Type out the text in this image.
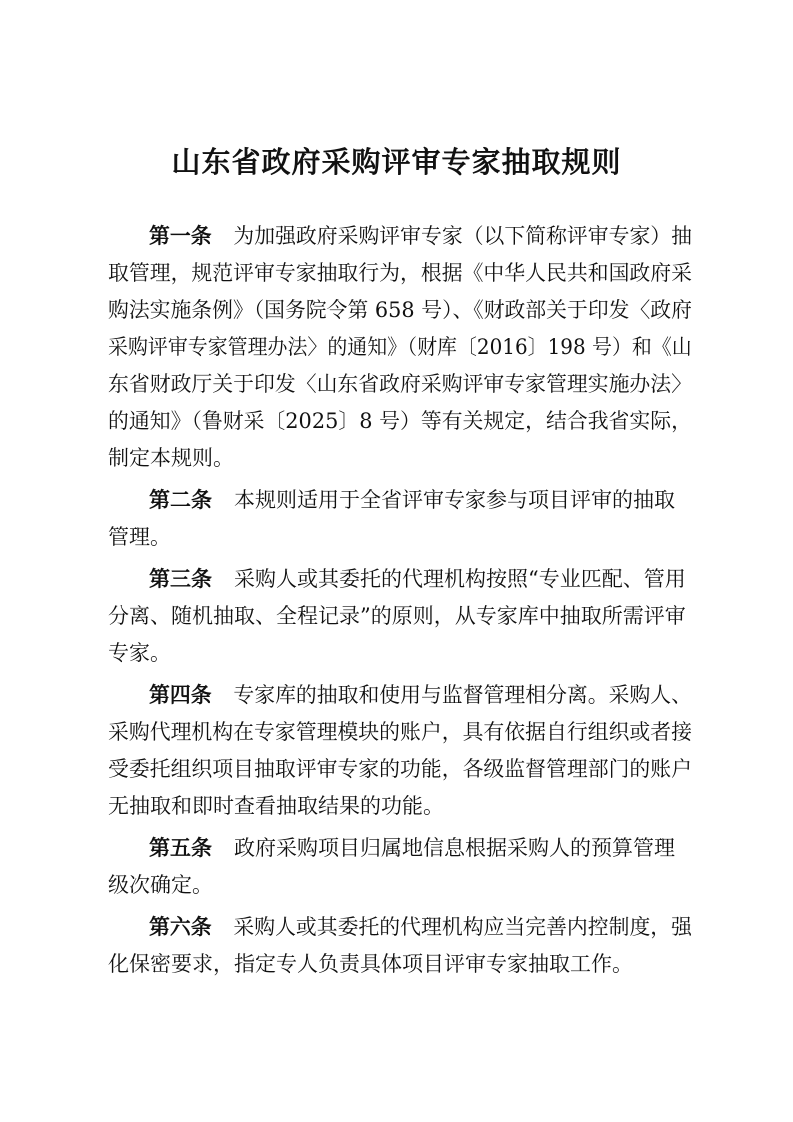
山东省政府采购评审专家抽取规则
第一条 为加强政府采购评审专家（以下简称评审专家）抽
取管理，规范评审专家抽取行为，根据《中华人民共和国政府采
购法实施条例》（国务院令第 658 号）、《财政部关于印发〈政府
采购评审专家管理办法〉的通知》（财库〔2016〕198 号）和《山
东省财政厅关于印发〈山东省政府采购评审专家管理实施办法〉
的通知》（鲁财采〔2025〕8 号）等有关规定，结合我省实际，
制定本规则。
第二条 本规则适用于全省评审专家参与项目评审的抽取
管理。
第三条 采购人或其委托的代理机构按照“专业匹配、管用
分离、随机抽取、全程记录”的原则，从专家库中抽取所需评审
专家。
第四条 专家库的抽取和使用与监督管理相分离。采购人、
采购代理机构在专家管理模块的账户，具有依据自行组织或者接
受委托组织项目抽取评审专家的功能，各级监督管理部门的账户
无抽取和即时查看抽取结果的功能。
第五条 政府采购项目归属地信息根据采购人的预算管理
级次确定。
第六条 采购人或其委托的代理机构应当完善内控制度，强
化保密要求，指定专人负责具体项目评审专家抽取工作。
